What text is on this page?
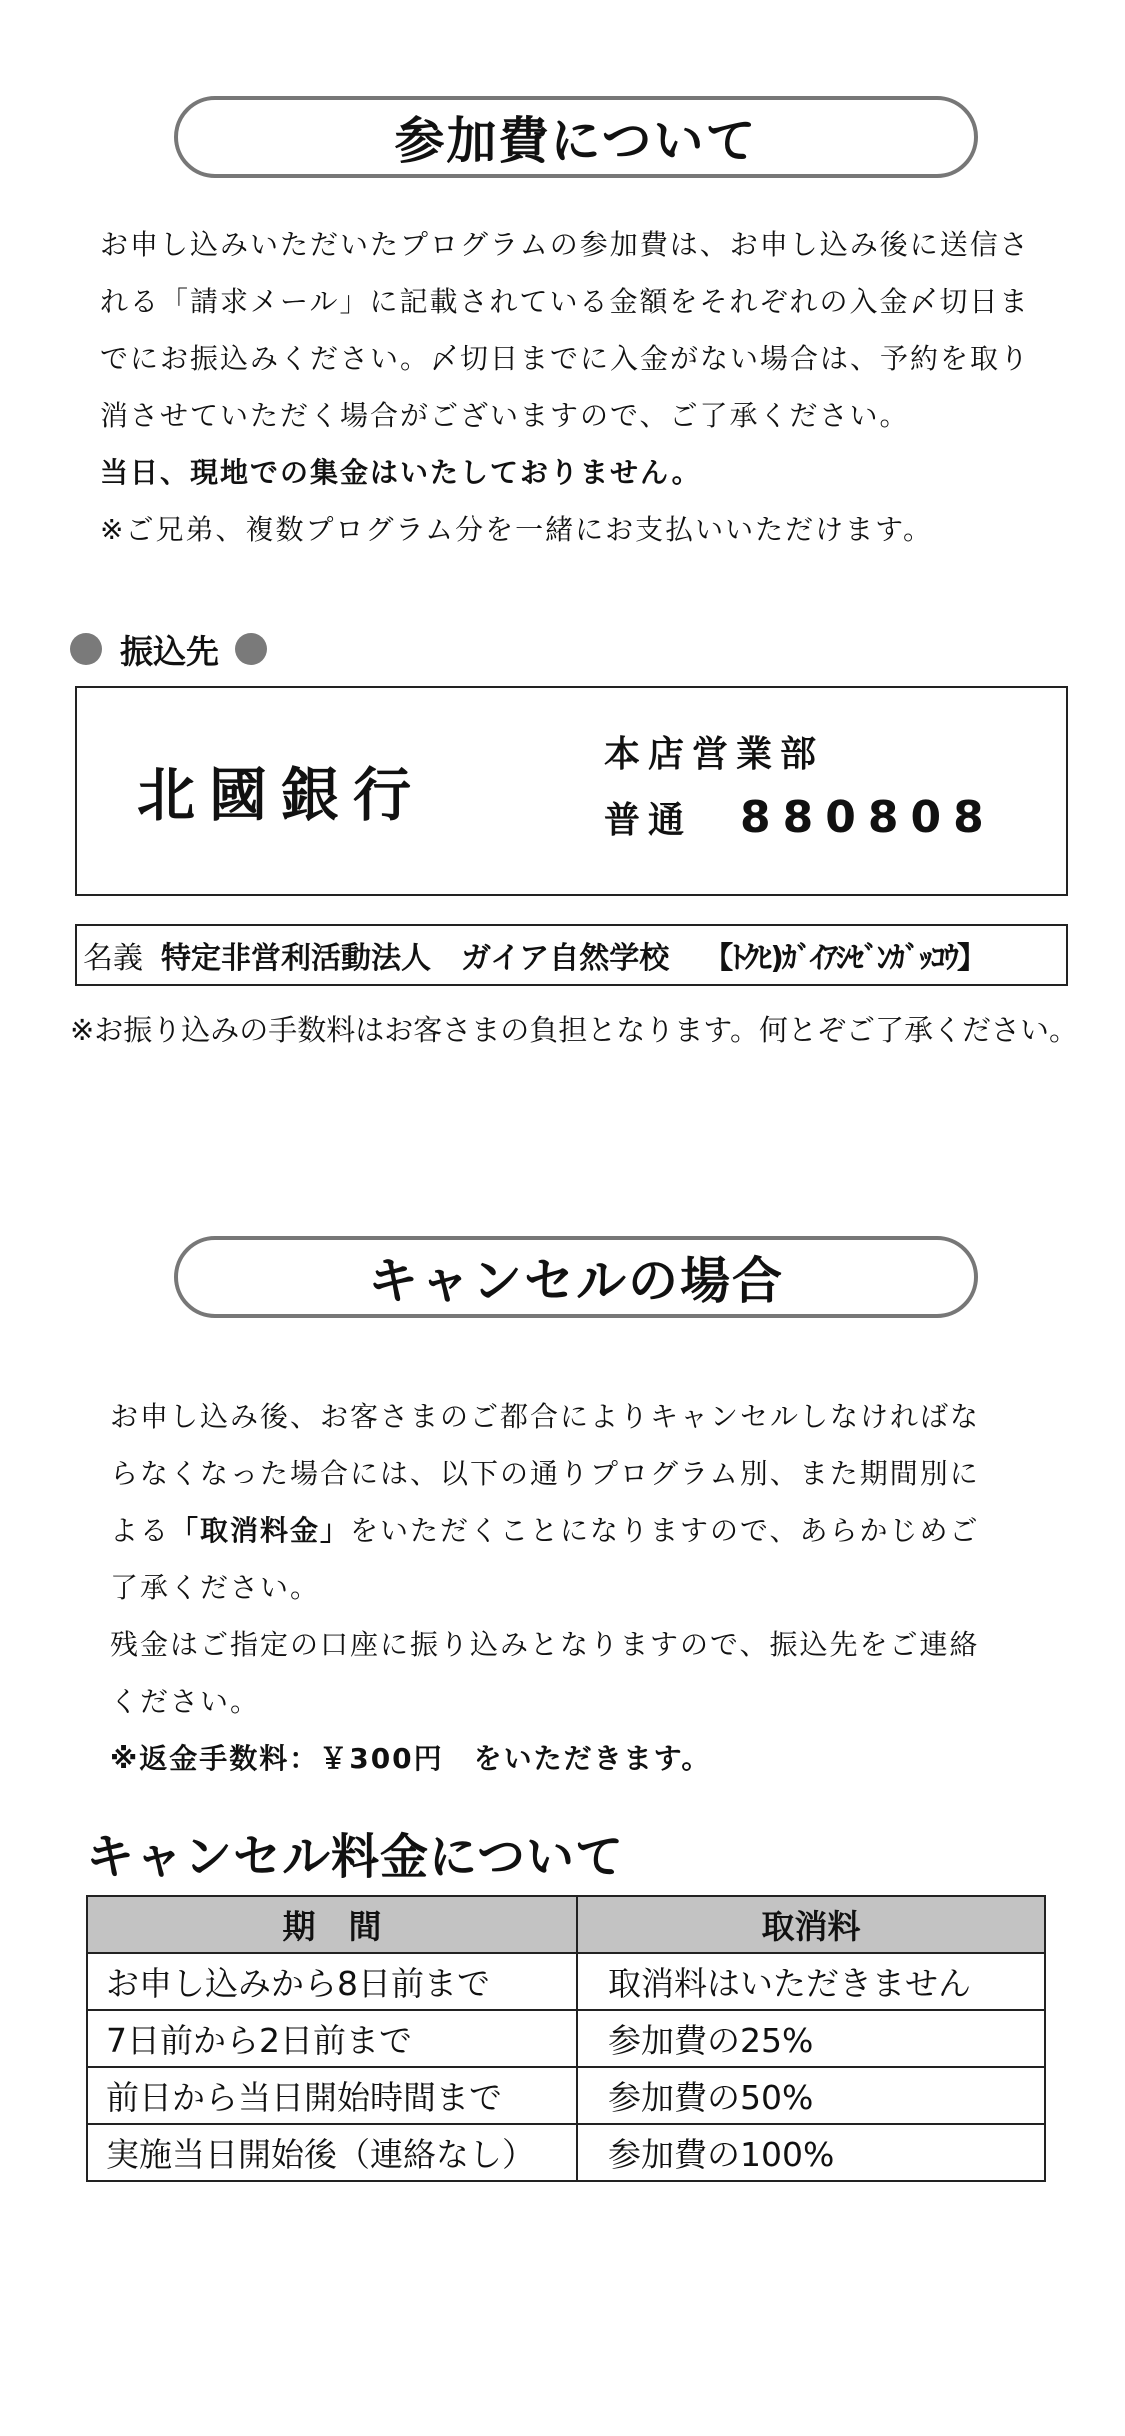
参加費について
お申し込みいただいたプログラムの参加費は、お申し込み後に送信さ
れる「請求メール」に記載されている金額をそれぞれの入金〆切日ま
でにお振込みください。〆切日までに入金がない場合は、予約を取り
消させていただく場合がございますので、ご了承ください。
当日、現地での集金はいたしておりません。
※ご兄弟、複数プログラム分を一緒にお支払いいただけます。
振込先
北國銀行
本店営業部
普通 880808
名義 特定非営利活動法人　ガイア自然学校 【ﾄｸﾋ)ｶﾞｲｱｼｾﾞﾝｶﾞｯｺｳ】
※お振り込みの手数料はお客さまの負担となります。何とぞご了承ください。
キャンセルの場合
お申し込み後、お客さまのご都合によりキャンセルしなければな
らなくなった場合には、以下の通りプログラム別、また期間別に
よる「取消料金」をいただくことになりますので、あらかじめご
了承ください。
残金はご指定の口座に振り込みとなりますので、振込先をご連絡
ください。
※返金手数料：￥300円　をいただきます。
キャンセル料金について
期　間	取消料
お申し込みから8日前まで	取消料はいただきません
7日前から2日前まで	参加費の25%
前日から当日開始時間まで	参加費の50%
実施当日開始後（連絡なし）	参加費の100%
